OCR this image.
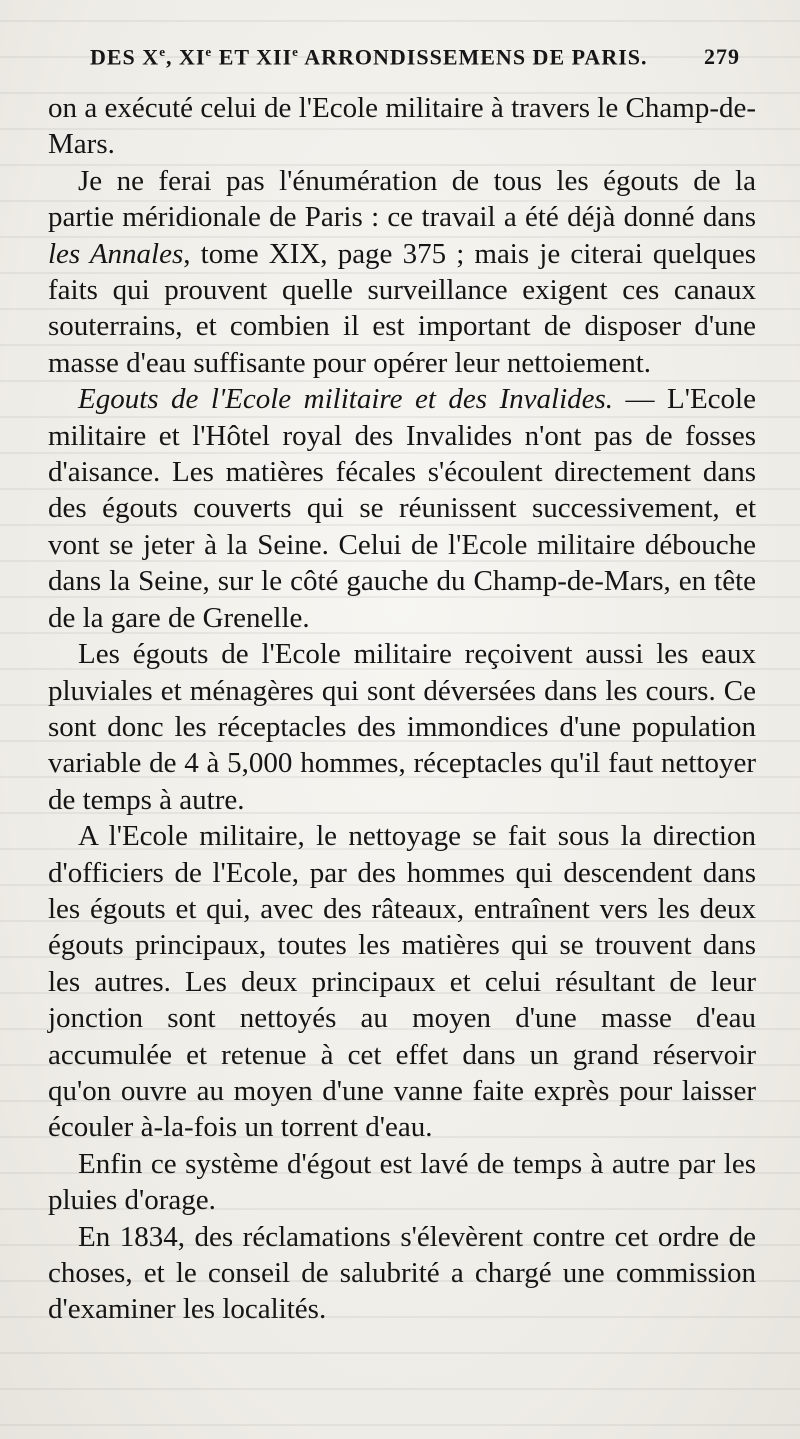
DES Xe, XIe ET XIIe ARRONDISSEMENS DE PARIS.	279

on a exécuté celui de l'Ecole militaire à travers le Champ-de-Mars.

Je ne ferai pas l'énumération de tous les égouts de la partie méridionale de Paris : ce travail a été déjà donné dans les Annales, tome XIX, page 375 ; mais je citerai quelques faits qui prouvent quelle surveillance exigent ces canaux souterrains, et combien il est important de disposer d'une masse d'eau suffisante pour opérer leur nettoiement.

Egouts de l'Ecole militaire et des Invalides. — L'Ecole militaire et l'Hôtel royal des Invalides n'ont pas de fosses d'aisance. Les matières fécales s'écoulent directement dans des égouts couverts qui se réunissent successivement, et vont se jeter à la Seine. Celui de l'Ecole militaire débouche dans la Seine, sur le côté gauche du Champ-de-Mars, en tête de la gare de Grenelle.

Les égouts de l'Ecole militaire reçoivent aussi les eaux pluviales et ménagères qui sont déversées dans les cours. Ce sont donc les réceptacles des immondices d'une population variable de 4 à 5,000 hommes, réceptacles qu'il faut nettoyer de temps à autre.

A l'Ecole militaire, le nettoyage se fait sous la direction d'officiers de l'Ecole, par des hommes qui descendent dans les égouts et qui, avec des râteaux, entraînent vers les deux égouts principaux, toutes les matières qui se trouvent dans les autres. Les deux principaux et celui résultant de leur jonction sont nettoyés au moyen d'une masse d'eau accumulée et retenue à cet effet dans un grand réservoir qu'on ouvre au moyen d'une vanne faite exprès pour laisser écouler à-la-fois un torrent d'eau.

Enfin ce système d'égout est lavé de temps à autre par les pluies d'orage.

En 1834, des réclamations s'élevèrent contre cet ordre de choses, et le conseil de salubrité a chargé une commission d'examiner les localités.
